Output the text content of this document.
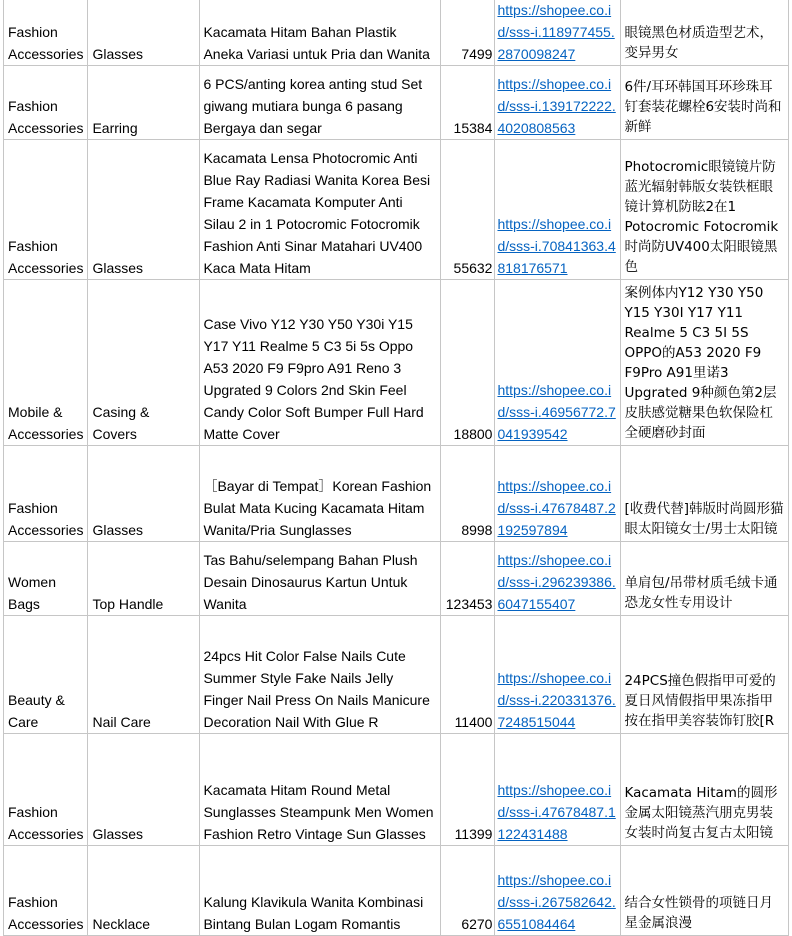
Fashion Accessories	Glasses	Kacamata Hitam Bahan Plastik Aneka Variasi untuk Pria dan Wanita	7499	https://shopee.co.id/sss-i.118977455.2870098247	眼镜黑色材质造型艺术，变异男女
Fashion Accessories	Earring	6 PCS/anting korea anting stud Set giwang mutiara bunga 6 pasang Bergaya dan segar	15384	https://shopee.co.id/sss-i.139172222.4020808563	6件/耳环韩国耳环珍珠耳钉套装花螺栓6安装时尚和新鲜
Fashion Accessories	Glasses	Kacamata Lensa Photocromic Anti Blue Ray Radiasi Wanita Korea Besi Frame Kacamata Komputer Anti Silau 2 in 1 Potocromic Fotocromik Fashion Anti Sinar Matahari UV400 Kaca Mata Hitam	55632	https://shopee.co.id/sss-i.70841363.4818176571	Photocromic眼镜镜片防蓝光辐射韩版女装铁框眼镜计算机防眩2在1 Potocromic Fotocromik时尚防UV400太阳眼镜黑色
Mobile & Accessories	Casing & Covers	Case Vivo Y12 Y30 Y50 Y30i Y15 Y17 Y11 Realme 5 C3 5i 5s Oppo A53 2020 F9 F9pro A91 Reno 3 Upgrated 9 Colors 2nd Skin Feel Candy Color Soft Bumper Full Hard Matte Cover	18800	https://shopee.co.id/sss-i.46956772.7041939542	案例体内Y12 Y30 Y50 Y15 Y30I Y17 Y11 Realme 5 C3 5I 5S OPPO的A53 2020 F9 F9Pro A91里诺3 Upgrated 9种颜色第2层皮肤感觉糖果色软保险杠全硬磨砂封面
Fashion Accessories	Glasses	［Bayar di Tempat］Korean Fashion Bulat Mata Kucing Kacamata Hitam Wanita/Pria Sunglasses	8998	https://shopee.co.id/sss-i.47678487.2192597894	[收费代替]韩版时尚圆形猫眼太阳镜女士/男士太阳镜
Women Bags	Top Handle	Tas Bahu/selempang Bahan Plush Desain Dinosaurus Kartun Untuk Wanita	123453	https://shopee.co.id/sss-i.296239386.6047155407	单肩包/吊带材质毛绒卡通恐龙女性专用设计
Beauty & Care	Nail Care	24pcs Hit Color False Nails Cute Summer Style Fake Nails Jelly Finger Nail Press On Nails Manicure Decoration Nail With Glue R	11400	https://shopee.co.id/sss-i.220331376.7248515044	24PCS撞色假指甲可爱的夏日风情假指甲果冻指甲按在指甲美容装饰钉胶[R
Fashion Accessories	Glasses	Kacamata Hitam Round Metal Sunglasses Steampunk Men Women Fashion Retro Vintage Sun Glasses	11399	https://shopee.co.id/sss-i.47678487.1122431488	Kacamata Hitam的圆形金属太阳镜蒸汽朋克男装女装时尚复古复古太阳镜
Fashion Accessories	Necklace	Kalung Klavikula Wanita Kombinasi Bintang Bulan Logam Romantis	6270	https://shopee.co.id/sss-i.267582642.6551084464	结合女性锁骨的项链日月星金属浪漫
